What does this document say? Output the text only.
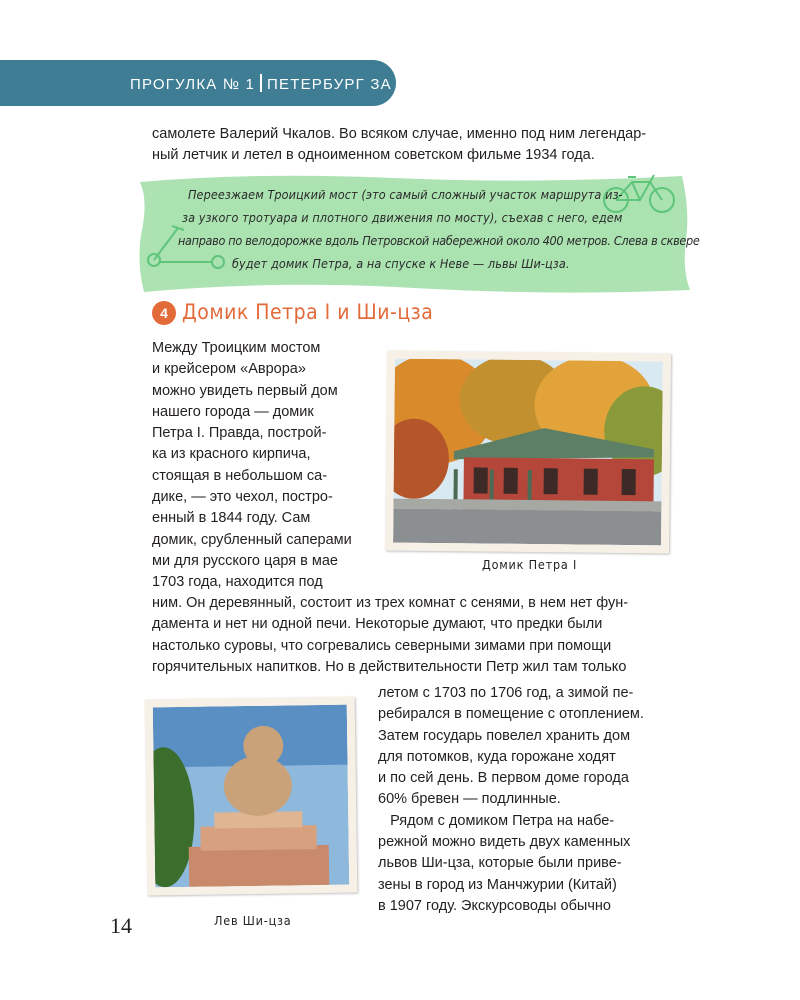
ПРОГУЛКА № 1 ПЕТЕРБУРГ ЗА ДВА ЧАСА
самолете Валерий Чкалов. Во всяком случае, именно под ним легендар-
ный летчик и летел в одноименном советском фильме 1934 года.
Переезжаем Троицкий мост (это самый сложный участок маршрута из-
за узкого тротуара и плотного движения по мосту), съехав с него, едем
направо по велодорожке вдоль Петровской набережной около 400 метров. Слева в сквере
будет домик Петра, а на спуске к Неве — львы Ши-цза.
4 Домик Петра I и Ши-цза
Между Троицким мостом
и крейсером «Аврора»
можно увидеть первый дом
нашего города — домик
Петра I. Правда, построй-
ка из красного кирпича,
стоящая в небольшом са-
дике, — это чехол, постро-
енный в 1844 году. Сам
домик, срубленный саперами
ми для русского царя в мае
1703 года, находится под
Домик Петра I
ним. Он деревянный, состоит из трех комнат с сенями, в нем нет фун-
дамента и нет ни одной печи. Некоторые думают, что предки были
настолько суровы, что согревались северными зимами при помощи
горячительных напитков. Но в действительности Петр жил там только
Лев Ши-цза
летом с 1703 по 1706 год, а зимой пе-
ребирался в помещение с отоплением.
Затем государь повелел хранить дом
для потомков, куда горожане ходят
и по сей день. В первом доме города
60% бревен — подлинные.
Рядом с домиком Петра на набе-
режной можно видеть двух каменных
львов Ши-цза, которые были приве-
зены в город из Манчжурии (Китай)
в 1907 году. Экскурсоводы обычно
14
